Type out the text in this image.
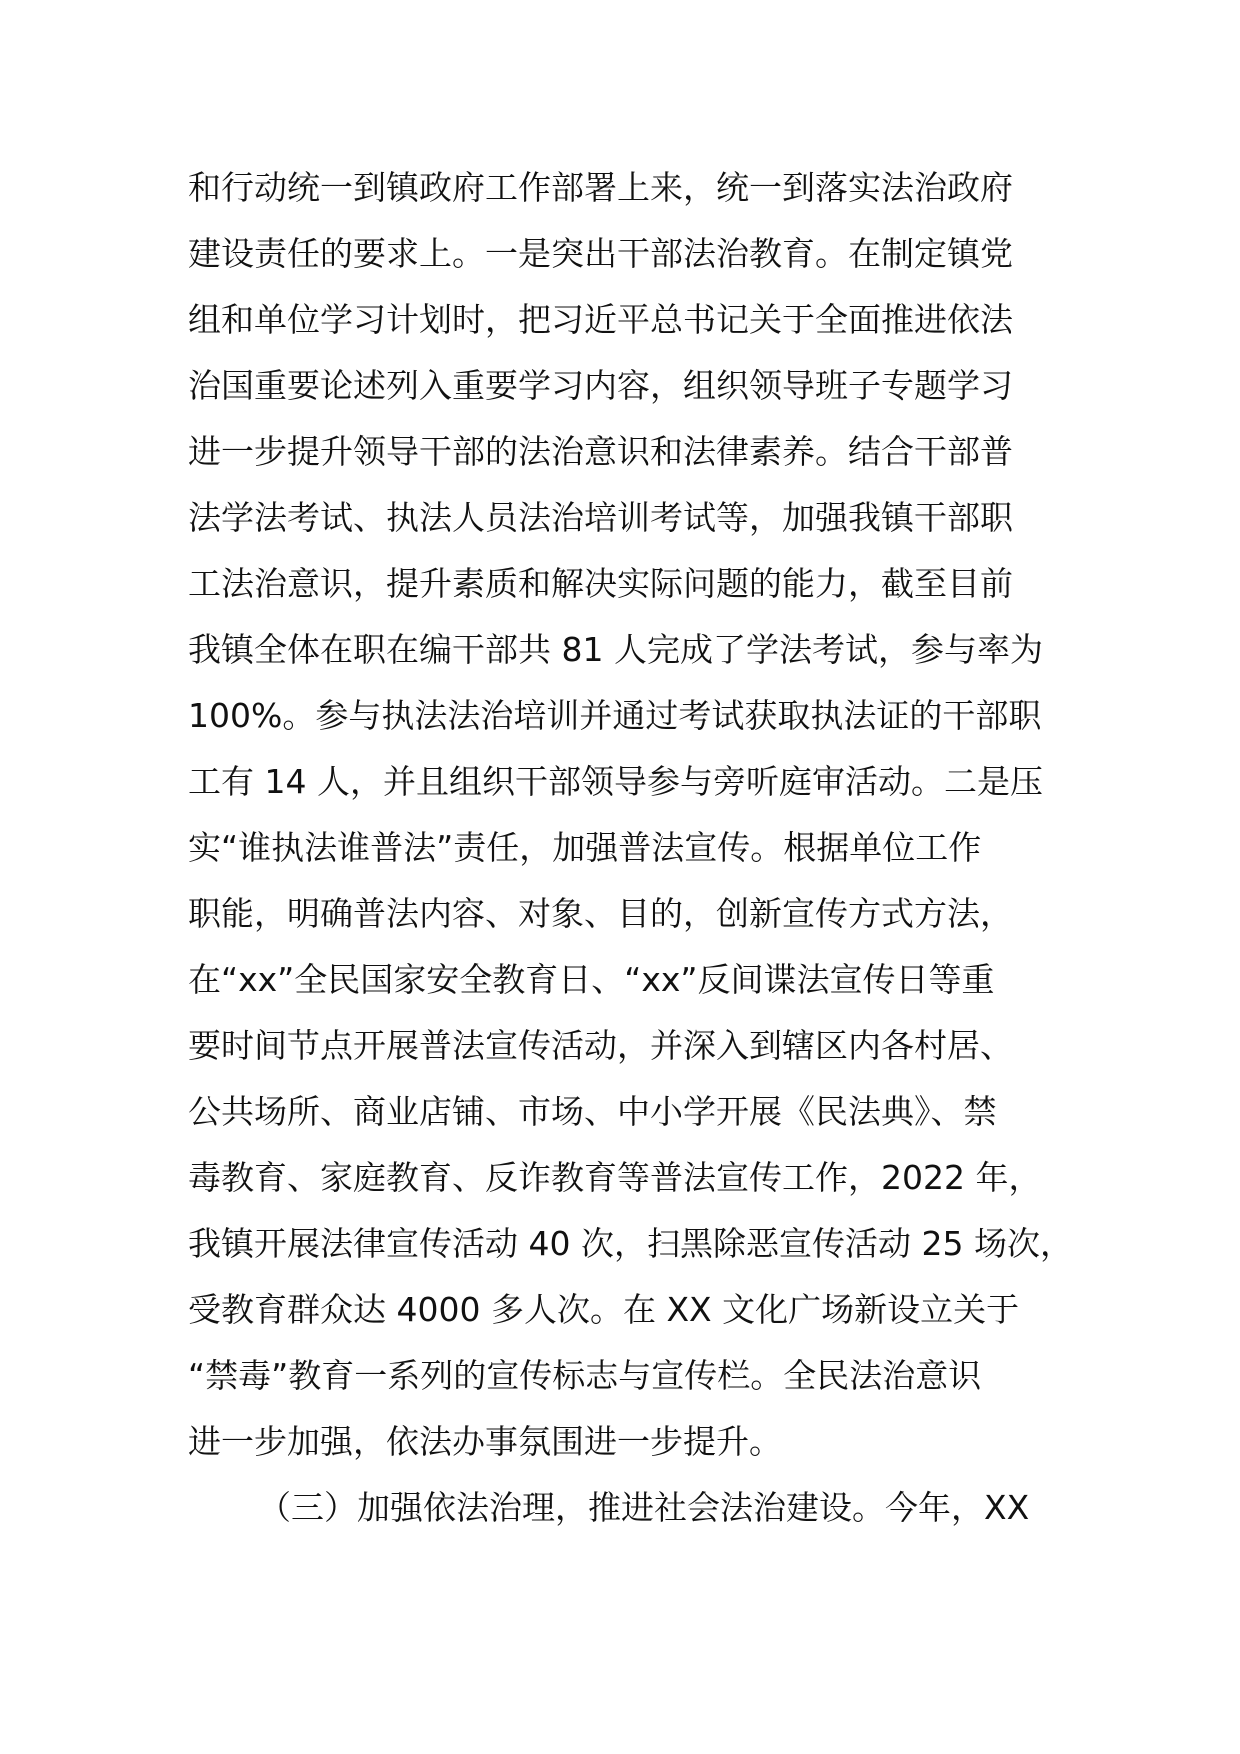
和行动统一到镇政府工作部署上来，统一到落实法治政府
建设责任的要求上。一是突出干部法治教育。在制定镇党
组和单位学习计划时，把习近平总书记关于全面推进依法
治国重要论述列入重要学习内容，组织领导班子专题学习
进一步提升领导干部的法治意识和法律素养。结合干部普
法学法考试、执法人员法治培训考试等，加强我镇干部职
工法治意识，提升素质和解决实际问题的能力，截至目前
我镇全体在职在编干部共 81 人完成了学法考试，参与率为
100%。参与执法法治培训并通过考试获取执法证的干部职
工有 14 人，并且组织干部领导参与旁听庭审活动。二是压
实“谁执法谁普法”责任，加强普法宣传。根据单位工作
职能，明确普法内容、对象、目的，创新宣传方式方法，
在“xx”全民国家安全教育日、“xx”反间谍法宣传日等重
要时间节点开展普法宣传活动，并深入到辖区内各村居、
公共场所、商业店铺、市场、中小学开展《民法典》、禁
毒教育、家庭教育、反诈教育等普法宣传工作，2022 年，
我镇开展法律宣传活动 40 次，扫黑除恶宣传活动 25 场次，
受教育群众达 4000 多人次。在 XX 文化广场新设立关于
“禁毒”教育一系列的宣传标志与宣传栏。全民法治意识
进一步加强，依法办事氛围进一步提升。
（三）加强依法治理，推进社会法治建设。今年，XX
